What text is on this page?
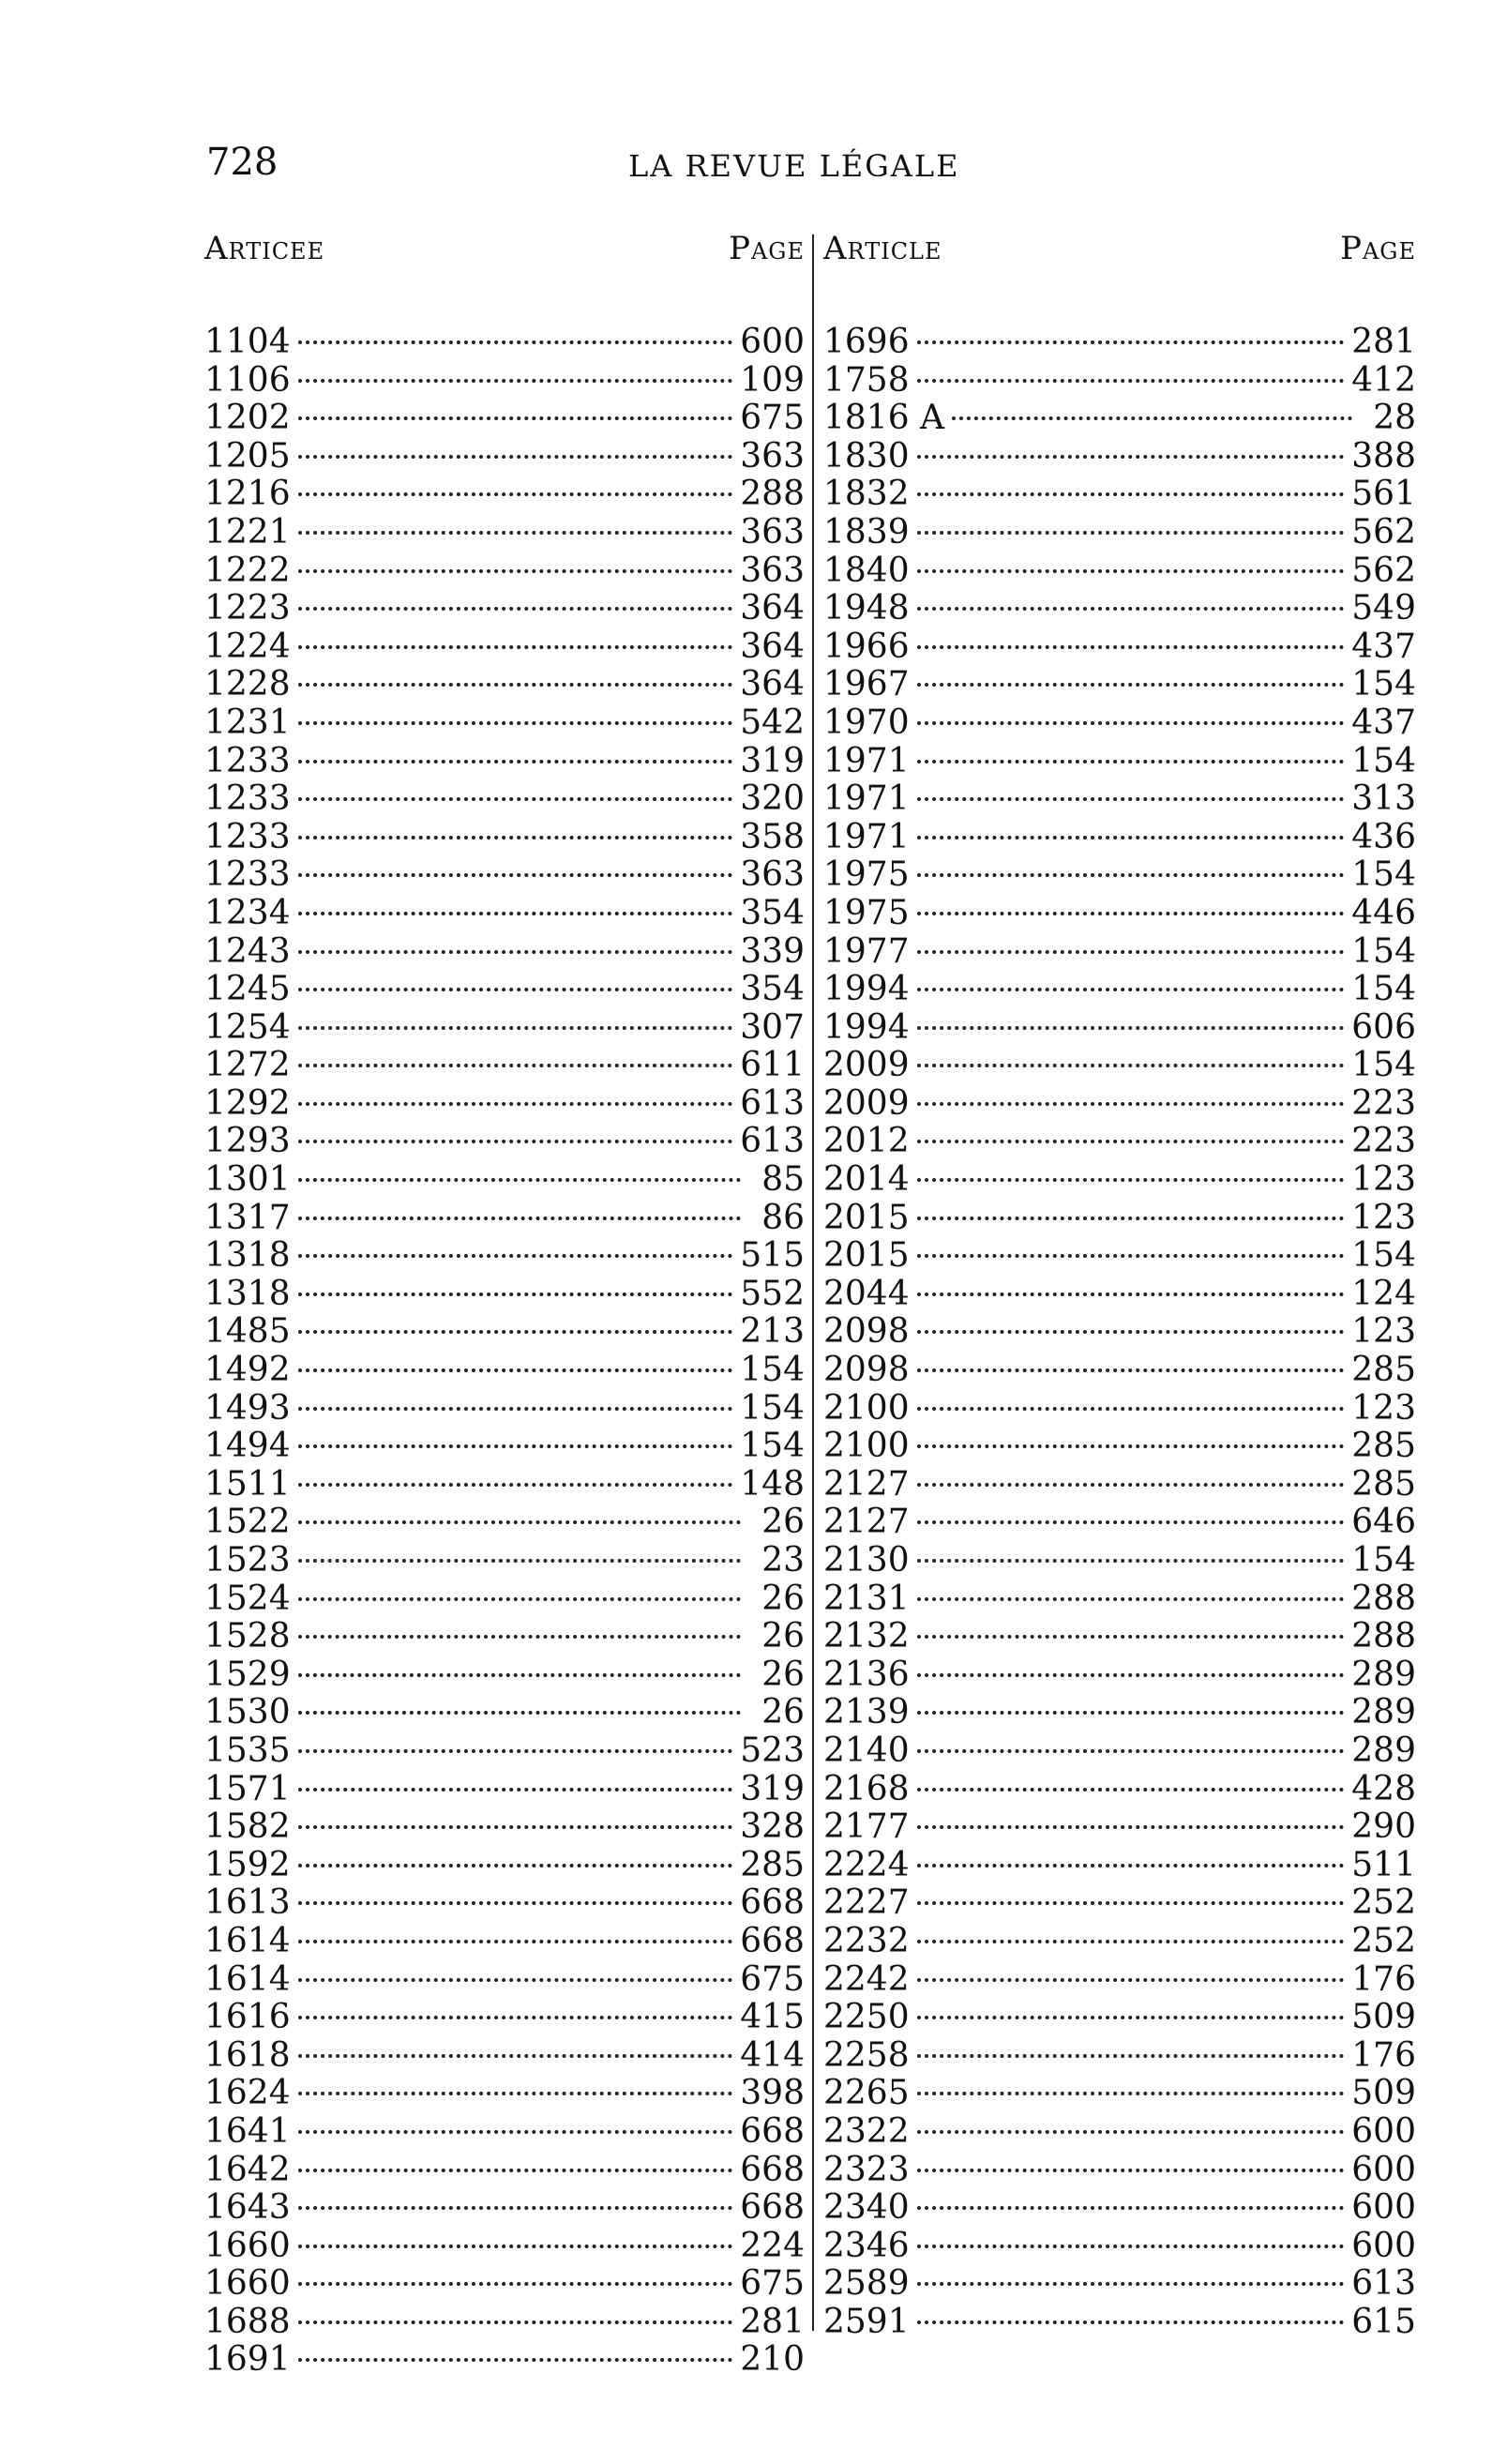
728	LA REVUE LÉGALE
Articee	Page
1104	600
1106	109
1202	675
1205	363
1216	288
1221	363
1222	363
1223	364
1224	364
1228	364
1231	542
1233	319
1233	320
1233	358
1233	363
1234	354
1243	339
1245	354
1254	307
1272	611
1292	613
1293	613
1301	85
1317	86
1318	515
1318	552
1485	213
1492	154
1493	154
1494	154
1511	148
1522	26
1523	23
1524	26
1528	26
1529	26
1530	26
1535	523
1571	319
1582	328
1592	285
1613	668
1614	668
1614	675
1616	415
1618	414
1624	398
1641	668
1642	668
1643	668
1660	224
1660	675
1688	281
1691	210
Article	Page
1696	281
1758	412
1816 A	28
1830	388
1832	561
1839	562
1840	562
1948	549
1966	437
1967	154
1970	437
1971	154
1971	313
1971	436
1975	154
1975	446
1977	154
1994	154
1994	606
2009	154
2009	223
2012	223
2014	123
2015	123
2015	154
2044	124
2098	123
2098	285
2100	123
2100	285
2127	285
2127	646
2130	154
2131	288
2132	288
2136	289
2139	289
2140	289
2168	428
2177	290
2224	511
2227	252
2232	252
2242	176
2250	509
2258	176
2265	509
2322	600
2323	600
2340	600
2346	600
2589	613
2591	615
